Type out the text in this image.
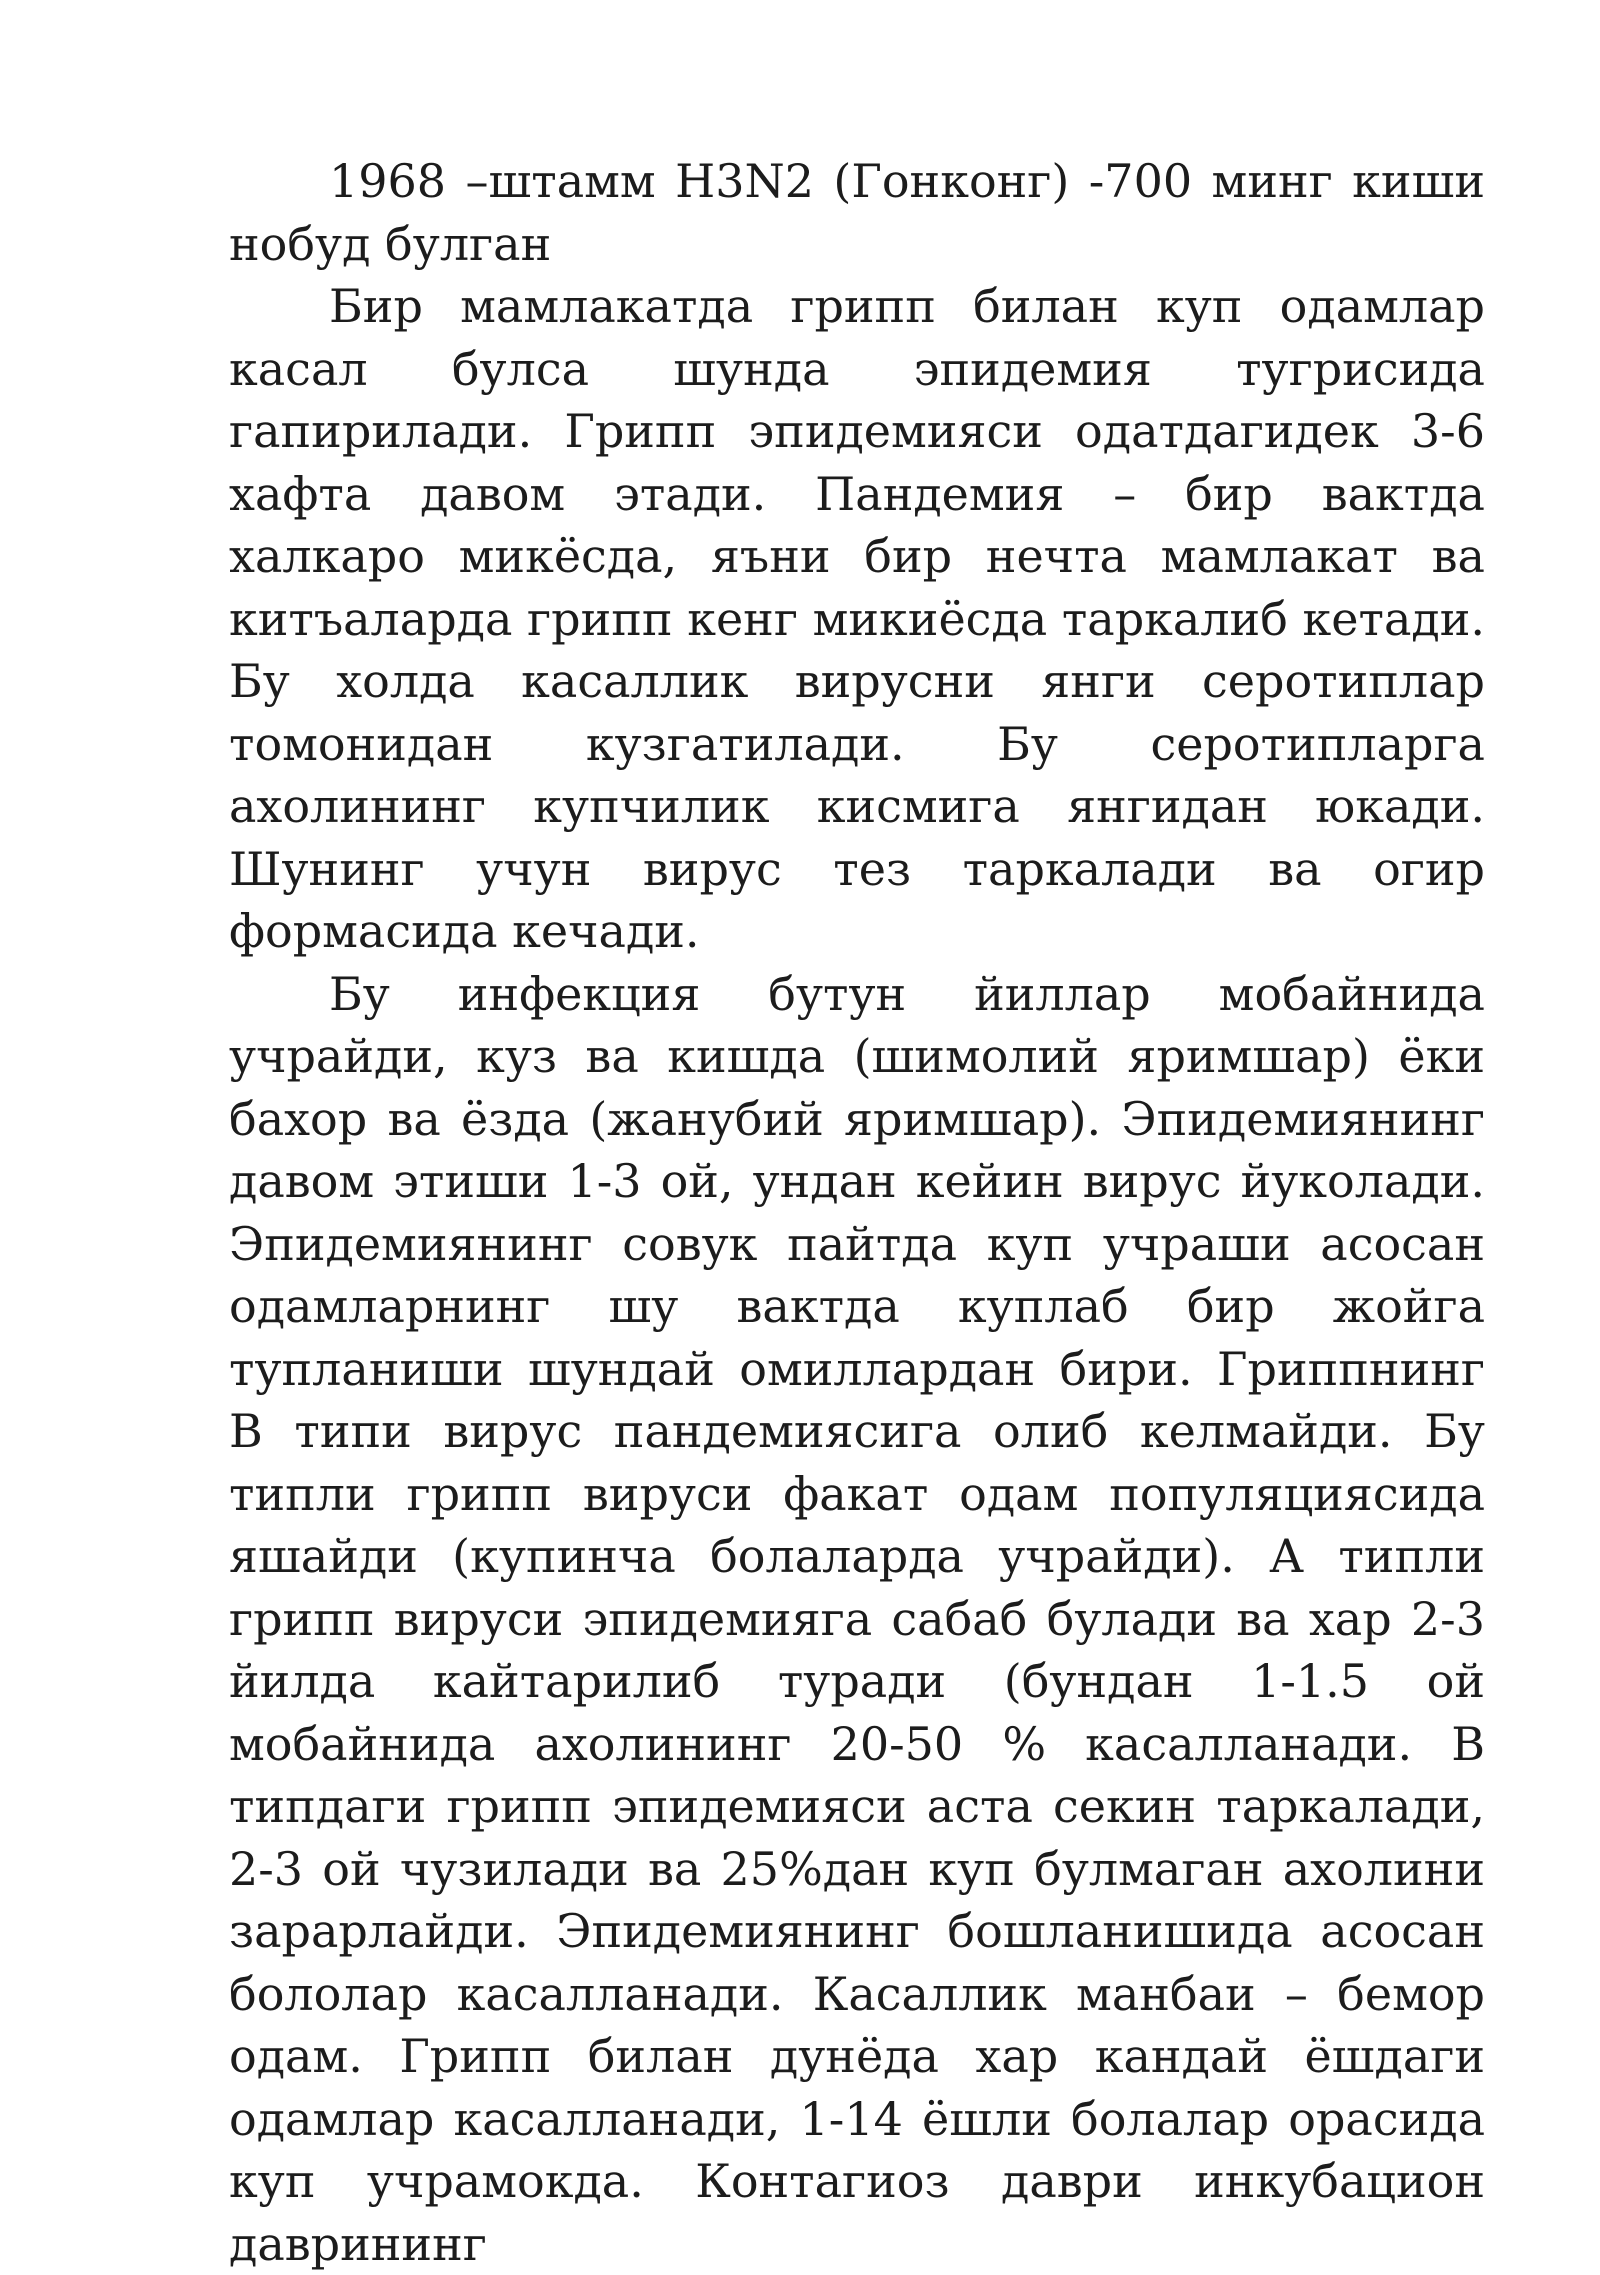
1968 –штамм H3N2 (Гонконг) -700 минг киши нобуд булган

Бир мамлакатда грипп билан куп одамлар касал булса шунда эпидемия тугрисида гапирилади. Грипп эпидемияси одатдагидек 3-6 хафта давом этади. Пандемия – бир вактда халкаро микёсда, яъни бир нечта мамлакат ва китъаларда грипп кенг микиёсда таркалиб кетади. Бу холда касаллик вирусни янги серотиплар томонидан кузгатилади. Бу серотипларга ахолининг купчилик кисмига янгидан юкади. Шунинг учун вирус тез таркалади ва огир формасида кечади.

Бу инфекция бутун йиллар мобайнида учрайди, куз ва кишда (шимолий яримшар) ёки бахор ва ёзда (жанубий яримшар). Эпидемиянинг давом этиши 1-3 ой, ундан кейин вирус йуколади. Эпидемиянинг совук пайтда куп учраши асосан одамларнинг шу вактда куплаб бир жойга тупланиши шундай омиллардан бири. Гриппнинг В типи вирус пандемиясига олиб келмайди. Бу типли грипп вируси факат одам популяциясида яшайди (купинча болаларда учрайди). А типли грипп вируси эпидемияга сабаб булади ва хар 2-3 йилда кайтарилиб туради (бундан 1-1.5 ой мобайнида ахолининг 20-50 % касалланади. В типдаги грипп эпидемияси аста секин таркалади, 2-3 ой чузилади ва 25%дан куп булмаган ахолини зарарлайди. Эпидемиянинг бошланишида асосан бололар касалланади. Касаллик манбаи – бемор одам. Грипп билан дунёда хар кандай ёшдаги одамлар касалланади, 1-14 ёшли болалар орасида куп учрамокда. Контагиоз даври инкубацион даврининг
